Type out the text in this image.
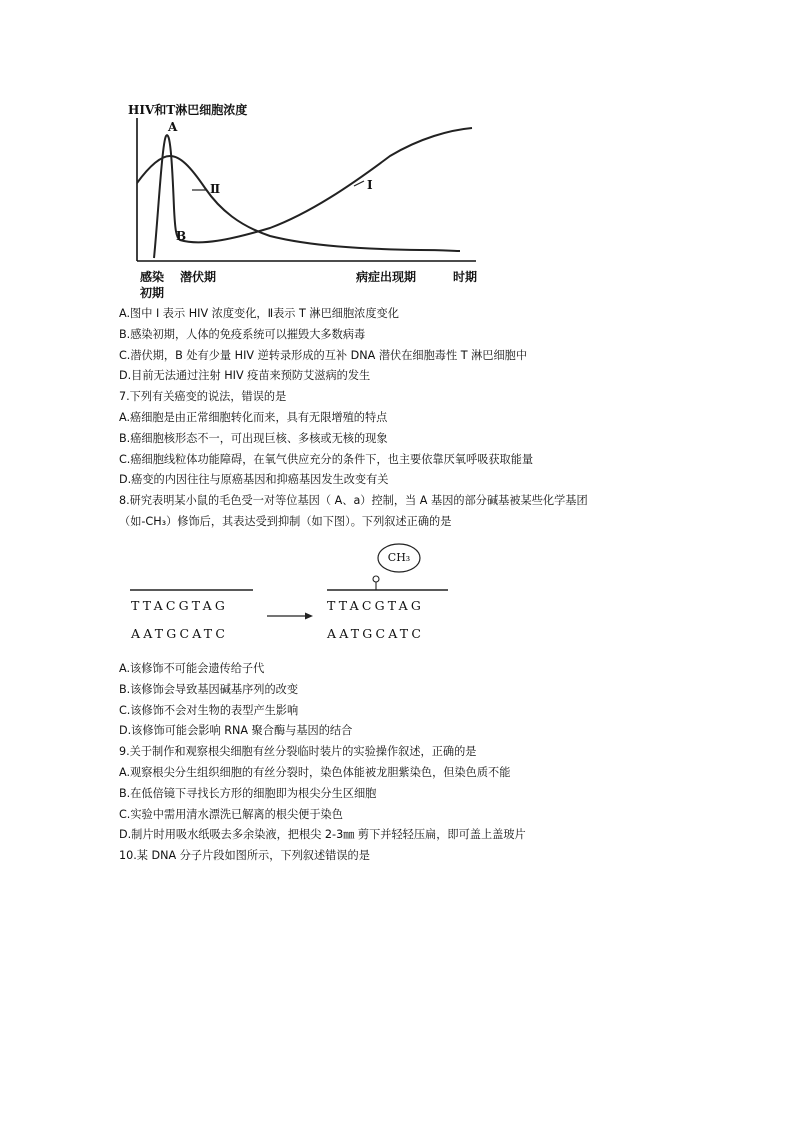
HIV和T淋巴细胞浓度
A
B
I
Ⅱ
感染
初期
潜伏期	病症出现期	时期
A.图中 I 表示 HIV 浓度变化，Ⅱ表示 T 淋巴细胞浓度变化
B.感染初期，人体的免疫系统可以摧毁大多数病毒
C.潜伏期，B 处有少量 HIV 逆转录形成的互补 DNA 潜伏在细胞毒性 T 淋巴细胞中
D.目前无法通过注射 HIV 疫苗来预防艾滋病的发生
7.下列有关癌变的说法，错误的是
A.癌细胞是由正常细胞转化而来，具有无限增殖的特点
B.癌细胞核形态不一，可出现巨核、多核或无核的现象
C.癌细胞线粒体功能障碍，在氧气供应充分的条件下，也主要依靠厌氧呼吸获取能量
D.癌变的内因往往与原癌基因和抑癌基因发生改变有关
8.研究表明某小鼠的毛色受一对等位基因（ A、a）控制，当 A 基因的部分碱基被某些化学基团
（如-CH₃）修饰后，其表达受到抑制（如下图）。下列叙述正确的是
CH₃
TTACGTAG
AATGCATC
TTACGTAG
AATGCATC
A.该修饰不可能会遗传给子代
B.该修饰会导致基因碱基序列的改变
C.该修饰不会对生物的表型产生影响
D.该修饰可能会影响 RNA 聚合酶与基因的结合
9.关于制作和观察根尖细胞有丝分裂临时装片的实验操作叙述，正确的是
A.观察根尖分生组织细胞的有丝分裂时，染色体能被龙胆紫染色，但染色质不能
B.在低倍镜下寻找长方形的细胞即为根尖分生区细胞
C.实验中需用清水漂洗已解离的根尖便于染色
D.制片时用吸水纸吸去多余染液，把根尖 2-3㎜ 剪下并轻轻压扁，即可盖上盖玻片
10.某 DNA 分子片段如图所示，下列叙述错误的是
